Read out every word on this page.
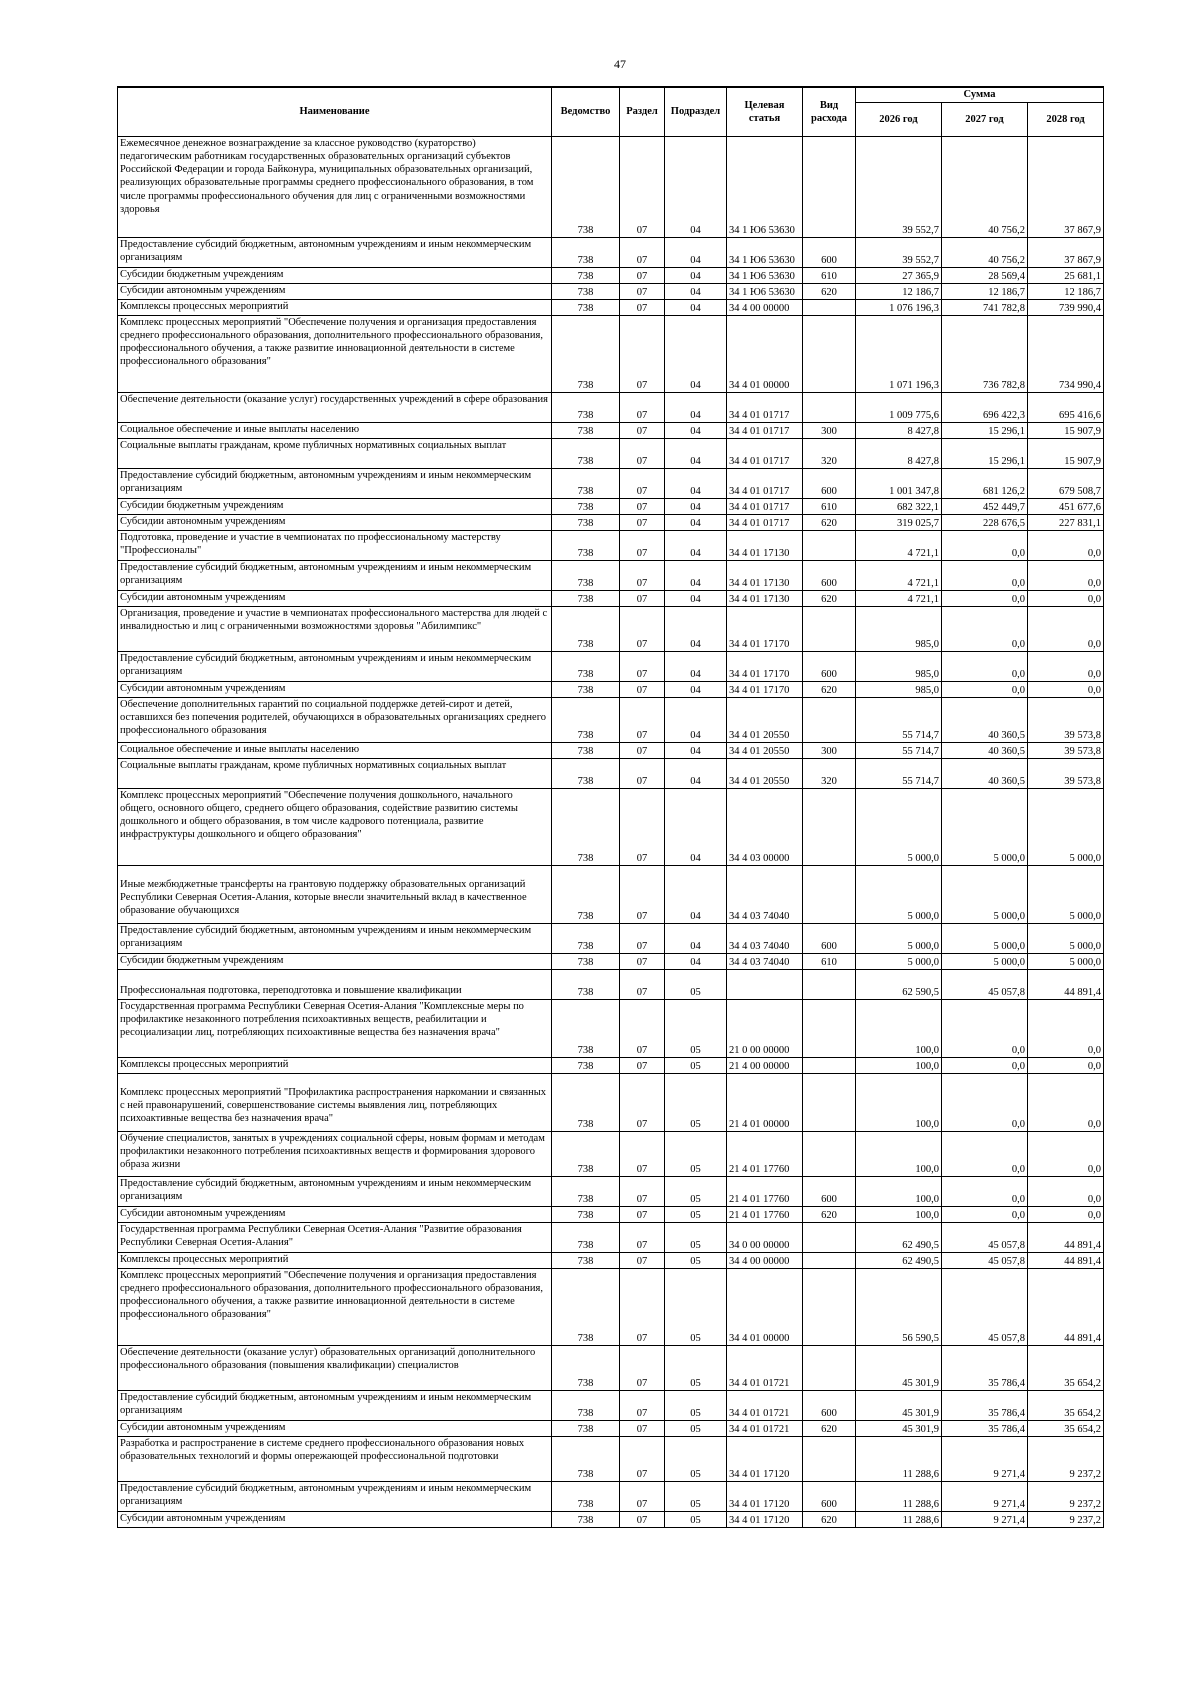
47
Наименование	Ведомство	Раздел	Подраздел	Целевая статья	Вид расхода	Сумма		
						2026 год	2027 год	2028 год
Ежемесячное денежное вознаграждение за классное руководство (кураторство) педагогическим работникам государственных образовательных организаций субъектов Российской Федерации и города Байконура, муниципальных образовательных организаций, реализующих образовательные программы среднего профессионального образования, в том числе программы профессионального обучения для лиц с ограниченными возможностями здоровья	738	07	04	34 1 Ю6 53630		39 552,7	40 756,2	37 867,9
Предоставление субсидий бюджетным, автономным учреждениям и иным некоммерческим организациям	738	07	04	34 1 Ю6 53630	600	39 552,7	40 756,2	37 867,9
Субсидии бюджетным учреждениям	738	07	04	34 1 Ю6 53630	610	27 365,9	28 569,4	25 681,1
Субсидии автономным учреждениям	738	07	04	34 1 Ю6 53630	620	12 186,7	12 186,7	12 186,7
Комплексы процессных мероприятий	738	07	04	34 4 00 00000		1 076 196,3	741 782,8	739 990,4
Комплекс процессных мероприятий "Обеспечение получения и организация предоставления среднего профессионального образования, дополнительного профессионального образования, профессионального обучения, а также развитие инновационной деятельности в системе профессионального образования"	738	07	04	34 4 01 00000		1 071 196,3	736 782,8	734 990,4
Обеспечение деятельности (оказание услуг) государственных учреждений в сфере образования	738	07	04	34 4 01 01717		1 009 775,6	696 422,3	695 416,6
Социальное обеспечение и иные выплаты населению	738	07	04	34 4 01 01717	300	8 427,8	15 296,1	15 907,9
Социальные выплаты гражданам, кроме публичных нормативных социальных выплат	738	07	04	34 4 01 01717	320	8 427,8	15 296,1	15 907,9
Предоставление субсидий бюджетным, автономным учреждениям и иным некоммерческим организациям	738	07	04	34 4 01 01717	600	1 001 347,8	681 126,2	679 508,7
Субсидии бюджетным учреждениям	738	07	04	34 4 01 01717	610	682 322,1	452 449,7	451 677,6
Субсидии автономным учреждениям	738	07	04	34 4 01 01717	620	319 025,7	228 676,5	227 831,1
Подготовка, проведение и участие в чемпионатах по профессиональному мастерству "Профессионалы"	738	07	04	34 4 01 17130		4 721,1	0,0	0,0
Предоставление субсидий бюджетным, автономным учреждениям и иным некоммерческим организациям	738	07	04	34 4 01 17130	600	4 721,1	0,0	0,0
Субсидии автономным учреждениям	738	07	04	34 4 01 17130	620	4 721,1	0,0	0,0
Организация, проведение и участие в чемпионатах профессионального мастерства для людей с инвалидностью и лиц с ограниченными возможностями здоровья "Абилимпикс"	738	07	04	34 4 01 17170		985,0	0,0	0,0
Предоставление субсидий бюджетным, автономным учреждениям и иным некоммерческим организациям	738	07	04	34 4 01 17170	600	985,0	0,0	0,0
Субсидии автономным учреждениям	738	07	04	34 4 01 17170	620	985,0	0,0	0,0
Обеспечение дополнительных гарантий по социальной поддержке детей-сирот и детей, оставшихся без попечения родителей, обучающихся в образовательных организациях среднего профессионального образования	738	07	04	34 4 01 20550		55 714,7	40 360,5	39 573,8
Социальное обеспечение и иные выплаты населению	738	07	04	34 4 01 20550	300	55 714,7	40 360,5	39 573,8
Социальные выплаты гражданам, кроме публичных нормативных социальных выплат	738	07	04	34 4 01 20550	320	55 714,7	40 360,5	39 573,8
Комплекс процессных мероприятий "Обеспечение получения дошкольного, начального общего, основного общего, среднего общего образования, содействие развитию системы дошкольного и общего образования, в том числе кадрового потенциала, развитие инфраструктуры дошкольного и общего образования"	738	07	04	34 4 03 00000		5 000,0	5 000,0	5 000,0
Иные межбюджетные трансферты на грантовую поддержку образовательных организаций Республики Северная Осетия-Алания, которые внесли значительный вклад в качественное образование обучающихся	738	07	04	34 4 03 74040		5 000,0	5 000,0	5 000,0
Предоставление субсидий бюджетным, автономным учреждениям и иным некоммерческим организациям	738	07	04	34 4 03 74040	600	5 000,0	5 000,0	5 000,0
Субсидии бюджетным учреждениям	738	07	04	34 4 03 74040	610	5 000,0	5 000,0	5 000,0
Профессиональная подготовка, переподготовка и повышение квалификации	738	07	05			62 590,5	45 057,8	44 891,4
Государственная программа Республики Северная Осетия-Алания "Комплексные меры по профилактике незаконного потребления психоактивных веществ, реабилитации и ресоциализации лиц, потребляющих психоактивные вещества без назначения врача"	738	07	05	21 0 00 00000		100,0	0,0	0,0
Комплексы процессных мероприятий	738	07	05	21 4 00 00000		100,0	0,0	0,0
Комплекс процессных мероприятий "Профилактика распространения наркомании и связанных с ней правонарушений, совершенствование системы выявления лиц, потребляющих психоактивные вещества без назначения врача"	738	07	05	21 4 01 00000		100,0	0,0	0,0
Обучение специалистов, занятых в учреждениях социальной сферы, новым формам и методам профилактики незаконного потребления психоактивных веществ и формирования здорового образа жизни	738	07	05	21 4 01 17760		100,0	0,0	0,0
Предоставление субсидий бюджетным, автономным учреждениям и иным некоммерческим организациям	738	07	05	21 4 01 17760	600	100,0	0,0	0,0
Субсидии автономным учреждениям	738	07	05	21 4 01 17760	620	100,0	0,0	0,0
Государственная программа Республики Северная Осетия-Алания "Развитие образования Республики Северная Осетия-Алания"	738	07	05	34 0 00 00000		62 490,5	45 057,8	44 891,4
Комплексы процессных мероприятий	738	07	05	34 4 00 00000		62 490,5	45 057,8	44 891,4
Комплекс процессных мероприятий "Обеспечение получения и организация предоставления среднего профессионального образования, дополнительного профессионального образования, профессионального обучения, а также развитие инновационной деятельности в системе профессионального образования"	738	07	05	34 4 01 00000		56 590,5	45 057,8	44 891,4
Обеспечение деятельности (оказание услуг) образовательных организаций дополнительного профессионального образования (повышения квалификации) специалистов	738	07	05	34 4 01 01721		45 301,9	35 786,4	35 654,2
Предоставление субсидий бюджетным, автономным учреждениям и иным некоммерческим организациям	738	07	05	34 4 01 01721	600	45 301,9	35 786,4	35 654,2
Субсидии автономным учреждениям	738	07	05	34 4 01 01721	620	45 301,9	35 786,4	35 654,2
Разработка и распространение в системе среднего профессионального образования новых образовательных технологий и формы опережающей профессиональной подготовки	738	07	05	34 4 01 17120		11 288,6	9 271,4	9 237,2
Предоставление субсидий бюджетным, автономным учреждениям и иным некоммерческим организациям	738	07	05	34 4 01 17120	600	11 288,6	9 271,4	9 237,2
Субсидии автономным учреждениям	738	07	05	34 4 01 17120	620	11 288,6	9 271,4	9 237,2
